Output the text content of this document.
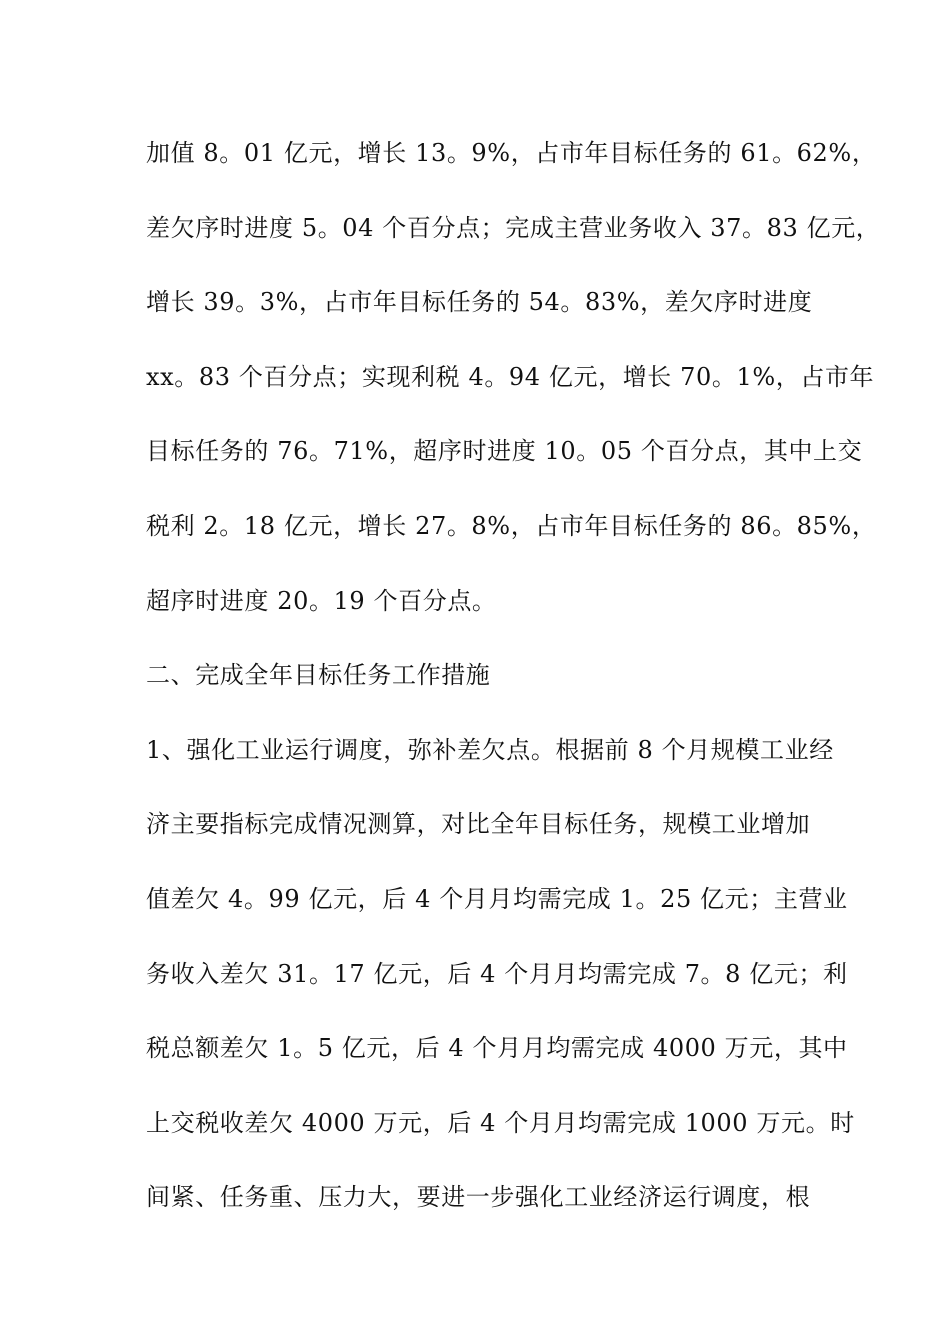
加值 8。01 亿元，增长 13。9%，占市年目标任务的 61。62%，
差欠序时进度 5。04 个百分点；完成主营业务收入 37。83 亿元，
增长 39。3%，占市年目标任务的 54。83%，差欠序时进度
xx。83 个百分点；实现利税 4。94 亿元，增长 70。1%，占市年
目标任务的 76。71%，超序时进度 10。05 个百分点，其中上交
税利 2。18 亿元，增长 27。8%，占市年目标任务的 86。85%，
超序时进度 20。19 个百分点。
二、完成全年目标任务工作措施
1、强化工业运行调度，弥补差欠点。根据前 8 个月规模工业经
济主要指标完成情况测算，对比全年目标任务，规模工业增加
值差欠 4。99 亿元，后 4 个月月均需完成 1。25 亿元；主营业
务收入差欠 31。17 亿元，后 4 个月月均需完成 7。8 亿元；利
税总额差欠 1。5 亿元，后 4 个月月均需完成 4000 万元，其中
上交税收差欠 4000 万元，后 4 个月月均需完成 1000 万元。时
间紧、任务重、压力大，要进一步强化工业经济运行调度，根
